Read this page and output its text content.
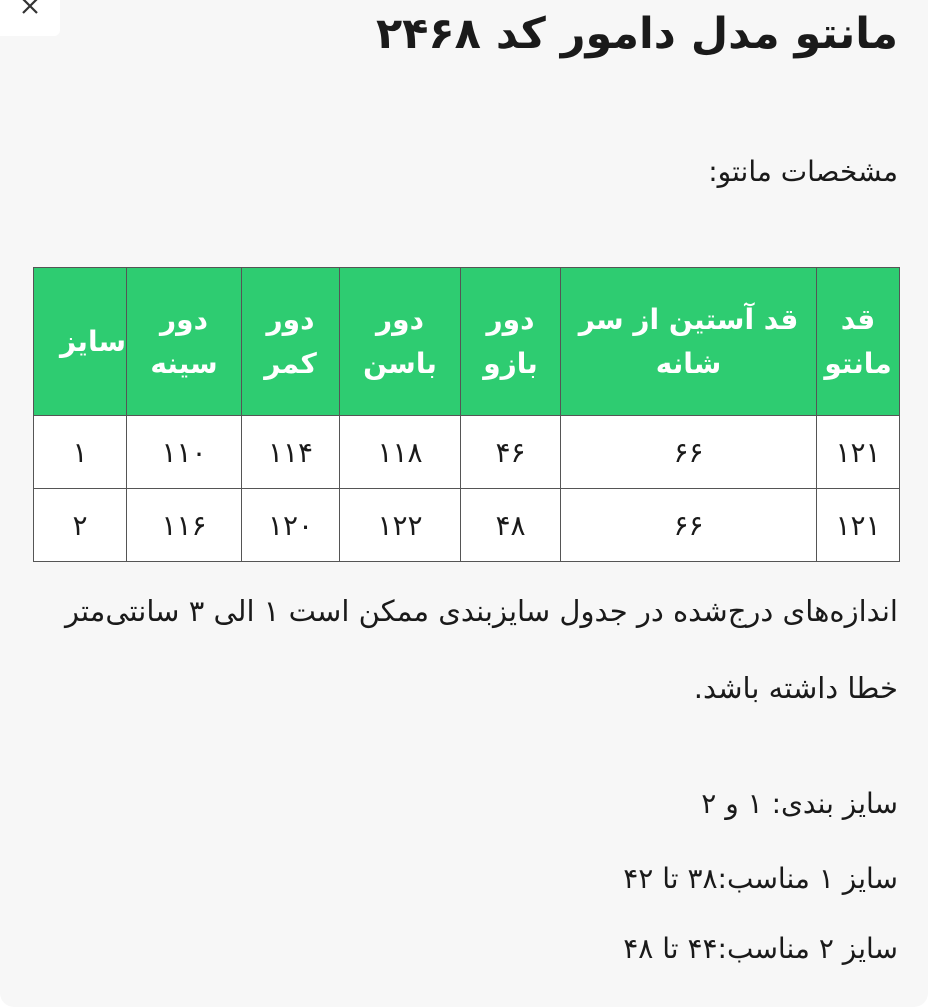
مانتو مدل دامور کد ۲۴۶۸
مشخصات مانتو:
قد مانتو	قد آستین از سر شانه	دور بازو	دور باسن	دور کمر	دور سینه	سایز
۱۲۱	۶۶	۴۶	۱۱۸	۱۱۴	۱۱۰	۱
۱۲۱	۶۶	۴۸	۱۲۲	۱۲۰	۱۱۶	۲

اندازه‌های درج‌شده در جدول سایزبندی ممکن است ۱ الی ۳ سانتی‌متر خطا داشته باشد.

سایز بندی: ۱ و ۲
سایز ۱ مناسب:۳۸ تا ۴۲
سایز ۲ مناسب:۴۴ تا ۴۸
